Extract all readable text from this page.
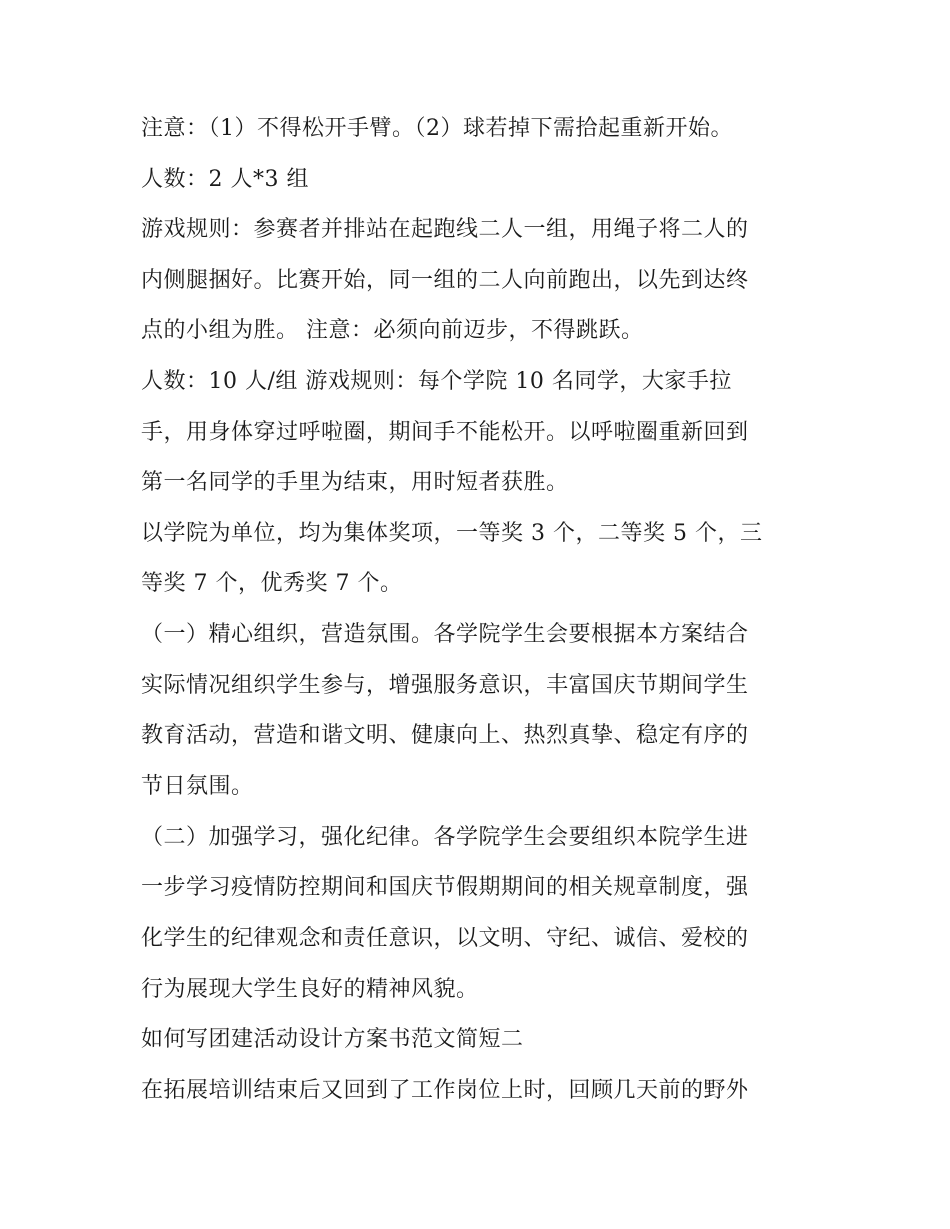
注意：（1）不得松开手臂。（2）球若掉下需拾起重新开始。
人数：2 人*3 组
游戏规则：参赛者并排站在起跑线二人一组，用绳子将二人的
内侧腿捆好。比赛开始，同一组的二人向前跑出，以先到达终
点的小组为胜。 注意：必须向前迈步，不得跳跃。
人数：10 人/组 游戏规则：每个学院 10 名同学，大家手拉
手，用身体穿过呼啦圈，期间手不能松开。以呼啦圈重新回到
第一名同学的手里为结束，用时短者获胜。
以学院为单位，均为集体奖项，一等奖 3 个，二等奖 5 个，三
等奖 7 个，优秀奖 7 个。
（一）精心组织，营造氛围。各学院学生会要根据本方案结合
实际情况组织学生参与，增强服务意识，丰富国庆节期间学生
教育活动，营造和谐文明、健康向上、热烈真挚、稳定有序的
节日氛围。
（二）加强学习，强化纪律。各学院学生会要组织本院学生进
一步学习疫情防控期间和国庆节假期期间的相关规章制度，强
化学生的纪律观念和责任意识，以文明、守纪、诚信、爱校的
行为展现大学生良好的精神风貌。
如何写团建活动设计方案书范文简短二
在拓展培训结束后又回到了工作岗位上时，回顾几天前的野外
